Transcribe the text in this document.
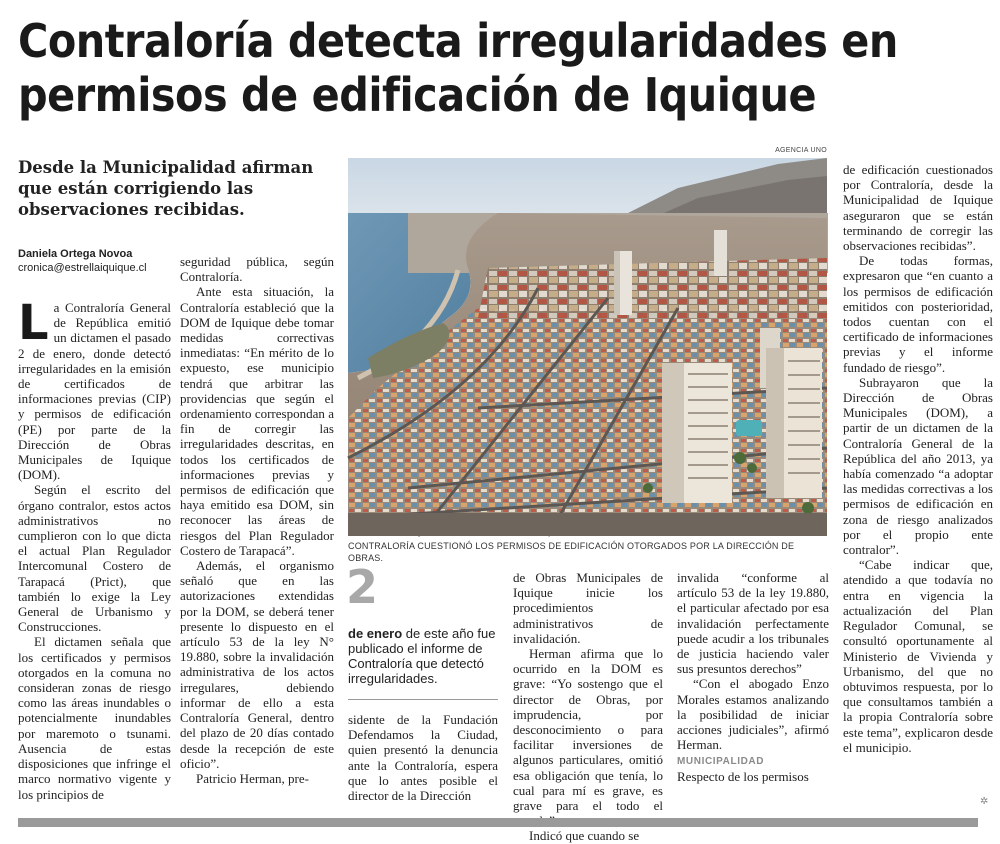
Contraloría detecta irregularidades en permisos de edificación de Iquique
Desde la Municipalidad afirman que están corrigiendo las observaciones recibidas.
Daniela Ortega Novoa
cronica@estrellaiquique.cl

La Contraloría General de República emitió un dictamen el pasado 2 de enero, donde detectó irregularidades en la emisión de certificados de informaciones previas (CIP) y permisos de edificación (PE) por parte de la Dirección de Obras Municipales de Iquique (DOM).

Según el escrito del órgano contralor, estos actos administrativos no cumplieron con lo que dicta el actual Plan Regulador Intercomunal Costero de Tarapacá (Prict), que también lo exige la Ley General de Urbanismo y Construcciones.

El dictamen señala que los certificados y permisos otorgados en la comuna no consideran zonas de riesgo como las áreas inundables o potencialmente inundables por maremoto o tsunami. Ausencia de estas disposiciones que infringe el marco normativo vigente y los principios de

seguridad pública, según Contraloría.

Ante esta situación, la Contraloría estableció que la DOM de Iquique debe tomar medidas correctivas inmediatas: “En mérito de lo expuesto, ese municipio tendrá que arbitrar las providencias que según el ordenamiento correspondan a fin de corregir las irregularidades descritas, en todos los certificados de informaciones previas y permisos de edificación que haya emitido esa DOM, sin reconocer las áreas de riesgos del Plan Regulador Costero de Tarapacá”.

Además, el organismo señaló que en las autorizaciones extendidas por la DOM, se deberá tener presente lo dispuesto en el artículo 53 de la ley N° 19.880, sobre la invalidación administrativa de los actos irregulares, debiendo informar de ello a esta Contraloría General, dentro del plazo de 20 días contado desde la recepción de este oficio”.

Patricio Herman, pre-

AGENCIA UNO
CONTRALORÍA CUESTIONÓ LOS PERMISOS DE EDIFICACIÓN OTORGADOS POR LA DIRECCIÓN DE OBRAS.
2
de enero de este año fue publicado el informe de Contraloría que detectó irregularidades.

sidente de la Fundación Defendamos la Ciudad, quien presentó la denuncia ante la Contraloría, espera que lo antes posible el director de la Dirección

de Obras Municipales de Iquique inicie los procedimientos administrativos de invalidación.

Herman afirma que lo ocurrido en la DOM es grave: “Yo sostengo que el director de Obras, por imprudencia, por desconocimiento o para facilitar inversiones de algunos particulares, omitió esa obligación que tenía, lo cual para mí es grave, es grave para el todo el

Indicó que cuando se

invalida “conforme al artículo 53 de la ley 19.880, el particular afectado por esa invalidación perfectamente puede acudir a los tribunales de justicia haciendo valer sus presuntos derechos”

“Con el abogado Enzo Morales estamos analizando la posibilidad de iniciar acciones judiciales”, afirmó Herman.

MUNICIPALIDAD

Respecto de los permisos

de edificación cuestionados por Contraloría, desde la Municipalidad de Iquique aseguraron que se están terminando de corregir las observaciones recibidas”.

De todas formas, expresaron que “en cuanto a los permisos de edificación emitidos con posterioridad, todos cuentan con el certificado de informaciones previas y el informe fundado de riesgo”.

Subrayaron que la Dirección de Obras Municipales (DOM), a partir de un dictamen de la Contraloría General de la República del año 2013, ya había comenzado “a adoptar las medidas correctivas a los permisos de edificación en zona de riesgo analizados por el propio ente contralor”.

“Cabe indicar que, atendido a que todavía no entra en vigencia la actualización del Plan Regulador Comunal, se consultó oportunamente al Ministerio de Vivienda y Urbanismo, del que no obtuvimos respuesta, por lo que consultamos también a la propia Contraloría sobre este tema”, explicaron desde el municipio.

✲
